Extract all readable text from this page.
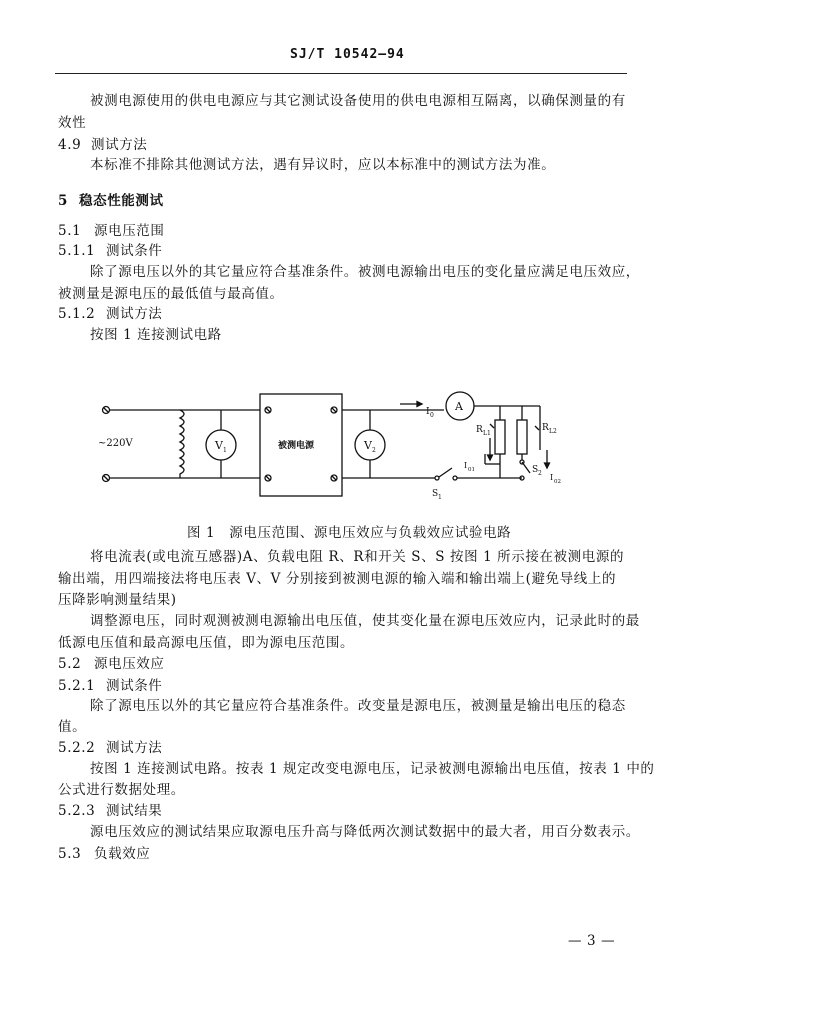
SJ/T 10542—94
被测电源使用的供电电源应与其它测试设备使用的供电电源相互隔离，以确保测量的有
效性
4.9 测试方法
本标准不排除其他测试方法，遇有异议时，应以本标准中的测试方法为准。
5 稳态性能测试
5.1 源电压范围
5.1.1 测试条件
除了源电压以外的其它量应符合基准条件。被测电源输出电压的变化量应满足电压效应，
被测量是源电压的最低值与最高值。
5.1.2 测试方法
按图 1 连接测试电路
~220V	V 1	被测电源	V 2
I 0
A
R L1
I 01
R L2
S 2 I 02
S 1
图 1　源电压范围、源电压效应与负载效应试验电路
将电流表(或电流互感器)A、负载电阻 R、R和开关 S、S 按图 1 所示接在被测电源的
输出端，用四端接法将电压表 V、V 分别接到被测电源的输入端和输出端上(避免导线上的
压降影响测量结果)
调整源电压，同时观测被测电源输出电压值，使其变化量在源电压效应内，记录此时的最
低源电压值和最高源电压值，即为源电压范围。
5.2 源电压效应
5.2.1 测试条件
除了源电压以外的其它量应符合基准条件。改变量是源电压，被测量是输出电压的稳态
值。
5.2.2 测试方法
按图 1 连接测试电路。按表 1 规定改变电源电压，记录被测电源输出电压值，按表 1 中的
公式进行数据处理。
5.2.3 测试结果
源电压效应的测试结果应取源电压升高与降低两次测试数据中的最大者，用百分数表示。
5.3 负载效应
— 3 —
